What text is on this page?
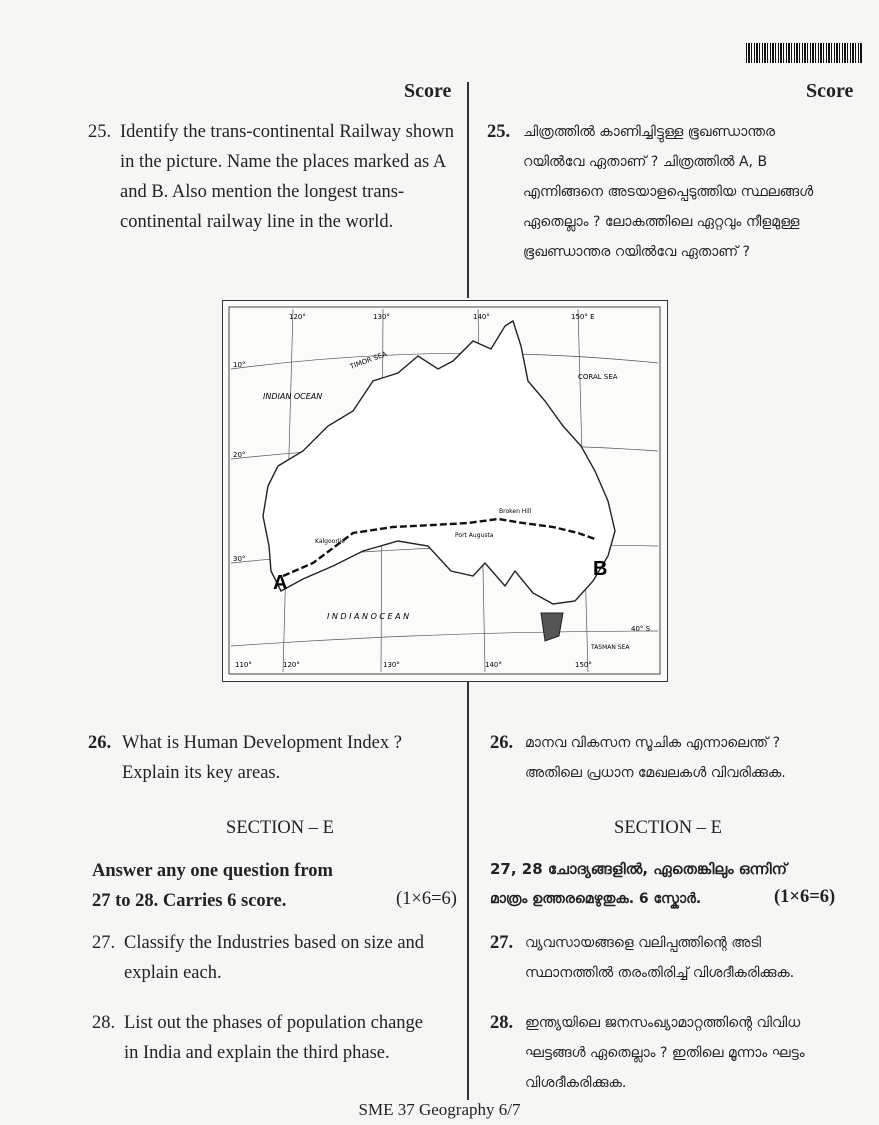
Score	Score
25. Identify the trans-continental Railway shown in the picture. Name the places marked as A and B. Also mention the longest trans-continental railway line in the world.
25. ചിത്രത്തിൽ കാണിച്ചിട്ടുള്ള ഭൂഖണ്ഡാന്തര
റയിൽവേ ഏതാണ് ? ചിത്രത്തിൽ A, B
എന്നിങ്ങനെ അടയാളപ്പെടുത്തിയ സ്ഥലങ്ങൾ
ഏതെല്ലാം ? ലോകത്തിലെ ഏറ്റവും നീളമുള്ള
ഭൂഖണ്ഡാന്തര റയിൽവേ ഏതാണ് ?
120°	130°	140°	150° E
110°	120°	130°	140°	150°
10°
20°
30°
40° S
TIMOR SEA
CORAL SEA
INDIAN OCEAN
I N D I A N O C E A N
TASMAN SEA
Kalgoorlie
Port Augusta
Broken Hill
A
B
26. What is Human Development Index ?
Explain its key areas.
26. മാനവ വികസന സൂചിക എന്നാലെന്ത് ?
അതിലെ പ്രധാന മേഖലകൾ വിവരിക്കുക.
SECTION – E	SECTION – E
Answer any one question from
27 to 28. Carries 6 score.	(1×6=6)
27, 28 ചോദ്യങ്ങളിൽ, ഏതെങ്കിലും ഒന്നിന്
മാത്രം ഉത്തരമെഴുതുക. 6 സ്കോർ.	(1×6=6)
27. Classify the Industries based on size and
explain each.
27. വ്യവസായങ്ങളെ വലിപ്പത്തിന്റെ അടി
സ്ഥാനത്തിൽ തരംതിരിച്ച് വിശദീകരിക്കുക.
28. List out the phases of population change
in India and explain the third phase.
28. ഇന്ത്യയിലെ ജനസംഖ്യാമാറ്റത്തിന്റെ വിവിധ
ഘട്ടങ്ങൾ ഏതെല്ലാം ? ഇതിലെ മൂന്നാം ഘട്ടം
വിശദീകരിക്കുക.
SME 37 Geography 6/7
